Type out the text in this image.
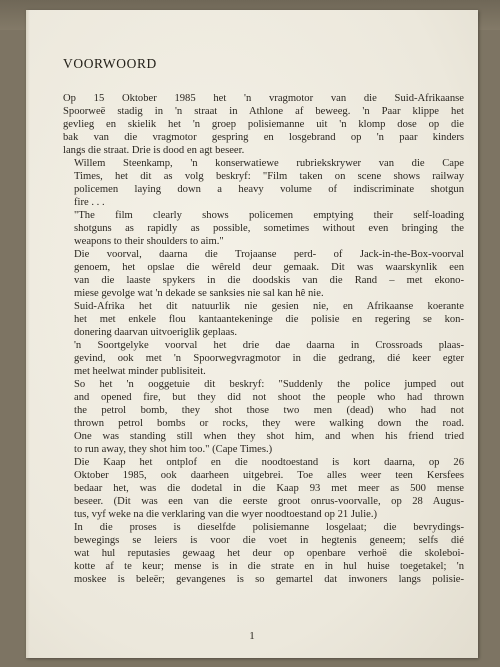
VOORWOORD

Op 15 Oktober 1985 het 'n vragmotor van die Suid-Afrikaanse
Spoorweë stadig in 'n straat in Athlone af beweeg. 'n Paar klippe het
gevlieg en skielik het 'n groep polisiemanne uit 'n klomp dose op die
bak van die vragmotor gespring en losgebrand op 'n paar kinders
langs die straat. Drie is dood en agt beseer.

Willem Steenkamp, 'n konserwatiewe rubriekskrywer van die Cape
Times, het dit as volg beskryf: "Film taken on scene shows railway
policemen laying down a heavy volume of indiscriminate shotgun
fire . . .

"The film clearly shows policemen emptying their self-loading
shotguns as rapidly as possible, sometimes without even bringing the
weapons to their shoulders to aim."

Die voorval, daarna die Trojaanse perd- of Jack-in-the-Box-voorval
genoem, het opslae die wêreld deur gemaak. Dit was waarskynlik een
van die laaste spykers in die doodskis van die Rand – met ekono-
miese gevolge wat 'n dekade se sanksies nie sal kan hê nie.

Suid-Afrika het dit natuurlik nie gesien nie, en Afrikaanse koerante
het met enkele flou kantaantekeninge die polisie en regering se kon-
donering daarvan uitvoeriglik geplaas.

'n Soortgelyke voorval het drie dae daarna in Crossroads plaas-
gevind, ook met 'n Spoorwegvragmotor in die gedrang, dié keer egter
met heelwat minder publisiteit.

So het 'n ooggetuie dit beskryf: "Suddenly the police jumped out
and opened fire, but they did not shoot the people who had thrown
the petrol bomb, they shot those two men (dead) who had not
thrown petrol bombs or rocks, they were walking down the road.
One was standing still when they shot him, and when his friend tried
to run away, they shot him too." (Cape Times.)

Die Kaap het ontplof en die noodtoestand is kort daarna, op 26
Oktober 1985, ook daarheen uitgebrei. Toe alles weer teen Kersfees
bedaar het, was die dodetal in die Kaap 93 met meer as 500 mense
beseer. (Dit was een van die eerste groot onrus-voorvalle, op 28 Augus-
tus, vyf weke na die verklaring van die wyer noodtoestand op 21 Julie.)

In die proses is dieselfde polisiemanne losgelaat; die bevrydings-
bewegings se leiers is voor die voet in hegtenis geneem; selfs dié
wat hul reputasies gewaag het deur op openbare verhoë die skoleboi-
kotte af te keur; mense is in die strate en in hul huise toegetakel; 'n
moskee is beleër; gevangenes is so gemartel dat inwoners langs polisie-

1
